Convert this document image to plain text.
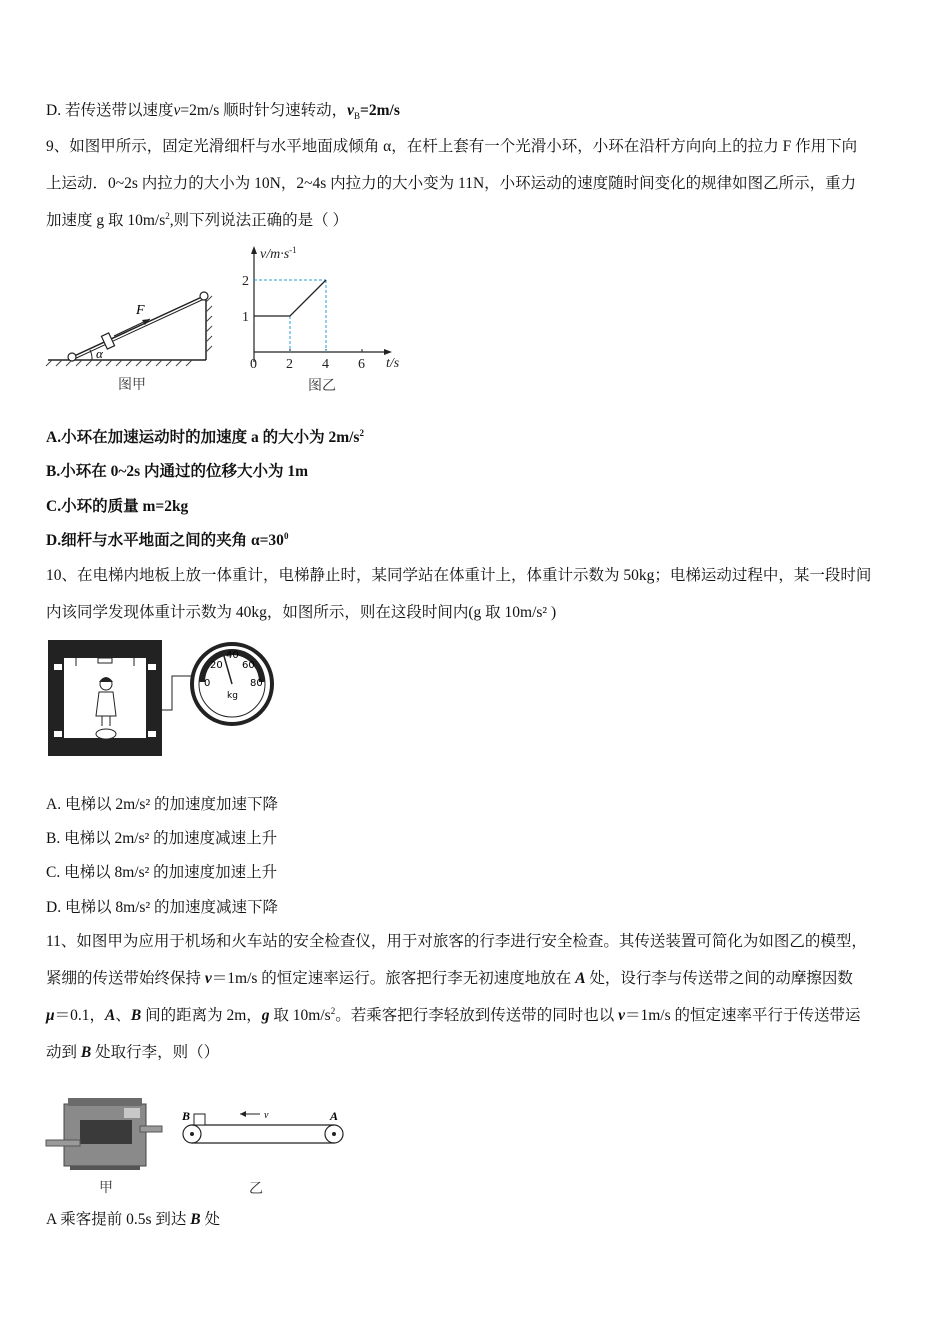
D. 若传送带以速度v=2m/s 顺时针匀速转动，$v_B=2m/s$
9、如图甲所示，固定光滑细杆与水平地面成倾角 α，在杆上套有一个光滑小环，小环在沿杆方向向上的拉力 F 作用下向
上运动．0~2s 内拉力的大小为 10N，2~4s 内拉力的大小变为 11N，小环运动的速度随时间变化的规律如图乙所示，重力
加速度 g 取 $10m/s^2$,则下列说法正确的是（ ）
F
α
图甲
$v/m\cdot s^{-1}$
t/s
0 2 4 6
1
2
图乙
A.小环在加速运动时的加速度 a 的大小为 $2m/s^2$
B.小环在 0~2s 内通过的位移大小为 1m
C.小环的质量 m=2kg
D.细杆与水平地面之间的夹角 $\alpha=30^0$
10、在电梯内地板上放一体重计，电梯静止时，某同学站在体重计上，体重计示数为 50kg；电梯运动过程中，某一段时间
内该同学发现体重计示数为 40kg，如图所示，则在这段时间内(g 取 10m/s² )
0
20
40
60
80
kg
A. 电梯以 2m/s² 的加速度加速下降
B. 电梯以 2m/s² 的加速度减速上升
C. 电梯以 8m/s² 的加速度加速上升
D. 电梯以 8m/s² 的加速度减速下降
11、如图甲为应用于机场和火车站的安全检查仪，用于对旅客的行李进行安全检查。其传送装置可简化为如图乙的模型，
紧绷的传送带始终保持 v＝1m/s 的恒定速率运行。旅客把行李无初速度地放在 A 处，设行李与传送带之间的动摩擦因数
μ＝0.1，A、B 间的距离为 2m，g 取 $10m/s^2$。若乘客把行李轻放到传送带的同时也以 v＝1m/s 的恒定速率平行于传送带运
动到 B 处取行李，则（）
甲
B	A
v
乙
A 乘客提前 0.5s 到达 B 处
